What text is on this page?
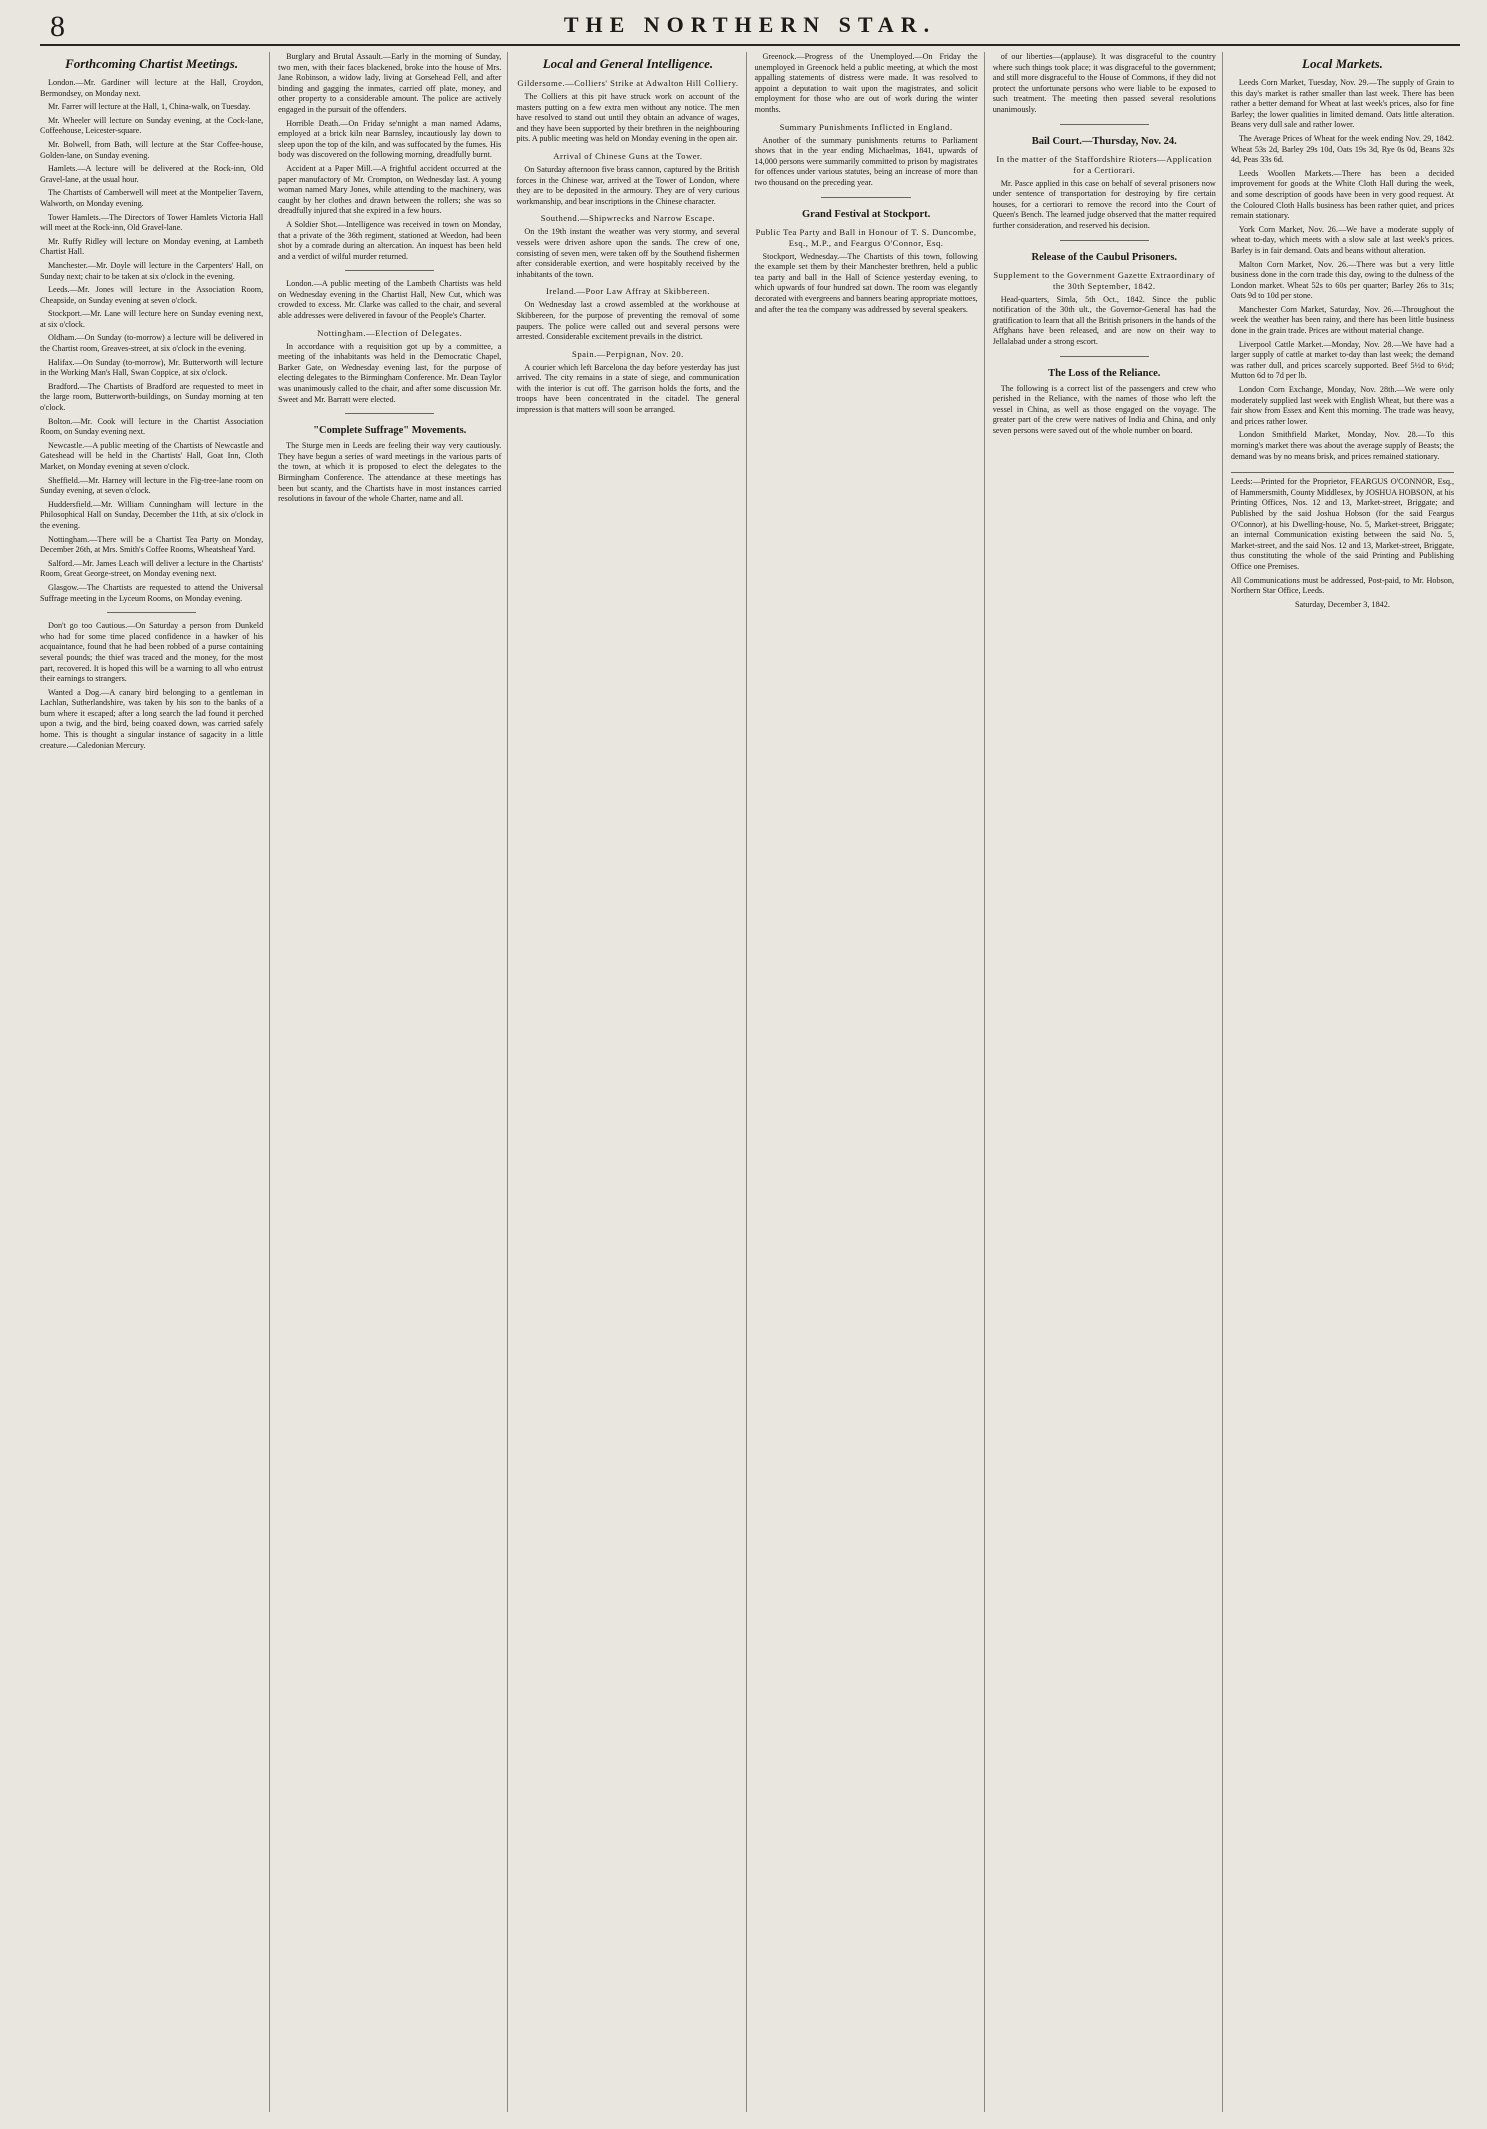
8	THE NORTHERN STAR.
Forthcoming Chartist Meetings.

London.—Mr. Gardiner will lecture at the Hall, Croydon, Bermondsey, on Monday next.

Mr. Farrer will lecture at the Hall, 1, China-walk, on Tuesday.

Mr. Wheeler will lecture on Sunday evening, at the Cock-lane, Coffeehouse, Leicester-square.

Mr. Bolwell, from Bath, will lecture at the Star Coffee-house, Golden-lane, on Sunday evening.

Hamlets.—A lecture will be delivered at the Rock-inn, Old Gravel-lane, at the usual hour.

The Chartists of Camberwell will meet at the Montpelier Tavern, Walworth, on Monday evening.

Tower Hamlets.—The Directors of Tower Hamlets Victoria Hall will meet at the Rock-inn, Old Gravel-lane.

Mr. Ruffy Ridley will lecture on Monday evening, at Lambeth Chartist Hall.

Manchester.—Mr. Doyle will lecture in the Carpenters' Hall, on Sunday next; chair to be taken at six o'clock in the evening.

Leeds.—Mr. Jones will lecture in the Association Room, Cheapside, on Sunday evening at seven o'clock.

Stockport.—Mr. Lane will lecture here on Sunday evening next, at six o'clock.

Oldham.—On Sunday (to-morrow) a lecture will be delivered in the Chartist room, Greaves-street, at six o'clock in the evening.

Halifax.—On Sunday (to-morrow), Mr. Butterworth will lecture in the Working Man's Hall, Swan Coppice, at six o'clock.

Bradford.—The Chartists of Bradford are requested to meet in the large room, Butterworth-buildings, on Sunday morning at ten o'clock.

Bolton.—Mr. Cook will lecture in the Chartist Association Room, on Sunday evening next.

Newcastle.—A public meeting of the Chartists of Newcastle and Gateshead will be held in the Chartists' Hall, Goat Inn, Cloth Market, on Monday evening at seven o'clock.

Sheffield.—Mr. Harney will lecture in the Fig-tree-lane room on Sunday evening, at seven o'clock.

Huddersfield.—Mr. William Cunningham will lecture in the Philosophical Hall on Sunday, December the 11th, at six o'clock in the evening.

Nottingham.—There will be a Chartist Tea Party on Monday, December 26th, at Mrs. Smith's Coffee Rooms, Wheatsheaf Yard.

Salford.—Mr. James Leach will deliver a lecture in the Chartists' Room, Great George-street, on Monday evening next.

Glasgow.—The Chartists are requested to attend the Universal Suffrage meeting in the Lyceum Rooms, on Monday evening.

Don't go too Cautious.—On Saturday a person from Dunkeld who had for some time placed confidence in a hawker of his acquaintance, found that he had been robbed of a purse containing several pounds; the thief was traced and the money, for the most part, recovered. It is hoped this will be a warning to all who entrust their earnings to strangers.

Wanted a Dog.—A canary bird belonging to a gentleman in Lachlan, Sutherlandshire, was taken by his son to the banks of a burn where it escaped; after a long search the lad found it perched upon a twig, and the bird, being coaxed down, was carried safely home. This is thought a singular instance of sagacity in a little creature.—Caledonian Mercury.

Burglary and Brutal Assault.—Early in the morning of Sunday, two men, with their faces blackened, broke into the house of Mrs. Jane Robinson, a widow lady, living at Gorsehead Fell, and after binding and gagging the inmates, carried off plate, money, and other property to a considerable amount. The police are actively engaged in the pursuit of the offenders.

Horrible Death.—On Friday se'nnight a man named Adams, employed at a brick kiln near Barnsley, incautiously lay down to sleep upon the top of the kiln, and was suffocated by the fumes. His body was discovered on the following morning, dreadfully burnt.

Accident at a Paper Mill.—A frightful accident occurred at the paper manufactory of Mr. Crompton, on Wednesday last. A young woman named Mary Jones, while attending to the machinery, was caught by her clothes and drawn between the rollers; she was so dreadfully injured that she expired in a few hours.

A Soldier Shot.—Intelligence was received in town on Monday, that a private of the 36th regiment, stationed at Weedon, had been shot by a comrade during an altercation. An inquest has been held and a verdict of wilful murder returned.

London.—A public meeting of the Lambeth Chartists was held on Wednesday evening in the Chartist Hall, New Cut, which was crowded to excess. Mr. Clarke was called to the chair, and several able addresses were delivered in favour of the People's Charter.

Nottingham.—Election of Delegates.

In accordance with a requisition got up by a committee, a meeting of the inhabitants was held in the Democratic Chapel, Barker Gate, on Wednesday evening last, for the purpose of electing delegates to the Birmingham Conference. Mr. Dean Taylor was unanimously called to the chair, and after some discussion Mr. Sweet and Mr. Barratt were elected.

"Complete Suffrage" Movements.

The Sturge men in Leeds are feeling their way very cautiously. They have begun a series of ward meetings in the various parts of the town, at which it is proposed to elect the delegates to the Birmingham Conference. The attendance at these meetings has been but scanty, and the Chartists have in most instances carried resolutions in favour of the whole Charter, name and all.

Local and General Intelligence.
Gildersome.—Colliers' Strike at Adwalton Hill Colliery.

The Colliers at this pit have struck work on account of the masters putting on a few extra men without any notice. The men have resolved to stand out until they obtain an advance of wages, and they have been supported by their brethren in the neighbouring pits. A public meeting was held on Monday evening in the open air.

Arrival of Chinese Guns at the Tower.

On Saturday afternoon five brass cannon, captured by the British forces in the Chinese war, arrived at the Tower of London, where they are to be deposited in the armoury. They are of very curious workmanship, and bear inscriptions in the Chinese character.

Southend.—Shipwrecks and Narrow Escape.

On the 19th instant the weather was very stormy, and several vessels were driven ashore upon the sands. The crew of one, consisting of seven men, were taken off by the Southend fishermen after considerable exertion, and were hospitably received by the inhabitants of the town.

Ireland.—Poor Law Affray at Skibbereen.

On Wednesday last a crowd assembled at the workhouse at Skibbereen, for the purpose of preventing the removal of some paupers. The police were called out and several persons were arrested. Considerable excitement prevails in the district.

Spain.—Perpignan, Nov. 20.

A courier which left Barcelona the day before yesterday has just arrived. The city remains in a state of siege, and communication with the interior is cut off. The garrison holds the forts, and the troops have been concentrated in the citadel. The general impression is that matters will soon be arranged.

Greenock.—Progress of the Unemployed.—On Friday the unemployed in Greenock held a public meeting, at which the most appalling statements of distress were made. It was resolved to appoint a deputation to wait upon the magistrates, and solicit employment for those who are out of work during the winter months.

Summary Punishments Inflicted in England.

Another of the summary punishments returns to Parliament shows that in the year ending Michaelmas, 1841, upwards of 14,000 persons were summarily committed to prison by magistrates for offences under various statutes, being an increase of more than two thousand on the preceding year.

Grand Festival at Stockport.
Public Tea Party and Ball in Honour of T. S. Duncombe, Esq., M.P., and Feargus O'Connor, Esq.

Stockport, Wednesday.—The Chartists of this town, following the example set them by their Manchester brethren, held a public tea party and ball in the Hall of Science yesterday evening, to which upwards of four hundred sat down. The room was elegantly decorated with evergreens and banners bearing appropriate mottoes, and after the tea the company was addressed by several speakers.

of our liberties—(applause). It was disgraceful to the country where such things took place; it was disgraceful to the government; and still more disgraceful to the House of Commons, if they did not protect the unfortunate persons who were liable to be exposed to such treatment. The meeting then passed several resolutions unanimously.

Bail Court.—Thursday, Nov. 24.
In the matter of the Staffordshire Rioters—Application for a Certiorari.

Mr. Pasce applied in this case on behalf of several prisoners now under sentence of transportation for destroying by fire certain houses, for a certiorari to remove the record into the Court of Queen's Bench. The learned judge observed that the matter required further consideration, and reserved his decision.

Release of the Caubul Prisoners.
Supplement to the Government Gazette Extraordinary of the 30th September, 1842.

Head-quarters, Simla, 5th Oct., 1842. Since the public notification of the 30th ult., the Governor-General has had the gratification to learn that all the British prisoners in the hands of the Affghans have been released, and are now on their way to Jellalabad under a strong escort.

The Loss of the Reliance.

The following is a correct list of the passengers and crew who perished in the Reliance, with the names of those who left the vessel in China, as well as those engaged on the voyage. The greater part of the crew were natives of India and China, and only seven persons were saved out of the whole number on board.

Local Markets.

Leeds Corn Market, Tuesday, Nov. 29.—The supply of Grain to this day's market is rather smaller than last week. There has been rather a better demand for Wheat at last week's prices, also for fine Barley; the lower qualities in limited demand. Oats little alteration. Beans very dull sale and rather lower.

The Average Prices of Wheat for the week ending Nov. 29, 1842. Wheat 53s 2d, Barley 29s 10d, Oats 19s 3d, Rye 0s 0d, Beans 32s 4d, Peas 33s 6d.

Leeds Woollen Markets.—There has been a decided improvement for goods at the White Cloth Hall during the week, and some description of goods have been in very good request. At the Coloured Cloth Halls business has been rather quiet, and prices remain stationary.

York Corn Market, Nov. 26.—We have a moderate supply of wheat to-day, which meets with a slow sale at last week's prices. Barley is in fair demand. Oats and beans without alteration.

Malton Corn Market, Nov. 26.—There was but a very little business done in the corn trade this day, owing to the dulness of the London market. Wheat 52s to 60s per quarter; Barley 26s to 31s; Oats 9d to 10d per stone.

Manchester Corn Market, Saturday, Nov. 26.—Throughout the week the weather has been rainy, and there has been little business done in the grain trade. Prices are without material change.

Liverpool Cattle Market.—Monday, Nov. 28.—We have had a larger supply of cattle at market to-day than last week; the demand was rather dull, and prices scarcely supported. Beef 5½d to 6½d; Mutton 6d to 7d per lb.

London Corn Exchange, Monday, Nov. 28th.—We were only moderately supplied last week with English Wheat, but there was a fair show from Essex and Kent this morning. The trade was heavy, and prices rather lower.

London Smithfield Market, Monday, Nov. 28.—To this morning's market there was about the average supply of Beasts; the demand was by no means brisk, and prices remained stationary.

Leeds:—Printed for the Proprietor, FEARGUS O'CONNOR, Esq., of Hammersmith, County Middlesex, by JOSHUA HOBSON, at his Printing Offices, Nos. 12 and 13, Market-street, Briggate; and Published by the said Joshua Hobson (for the said Feargus O'Connor), at his Dwelling-house, No. 5, Market-street, Briggate; an internal Communication existing between the said No. 5, Market-street, and the said Nos. 12 and 13, Market-street, Briggate, thus constituting the whole of the said Printing and Publishing Office one Premises.

All Communications must be addressed, Post-paid, to Mr. Hobson, Northern Star Office, Leeds.

Saturday, December 3, 1842.
